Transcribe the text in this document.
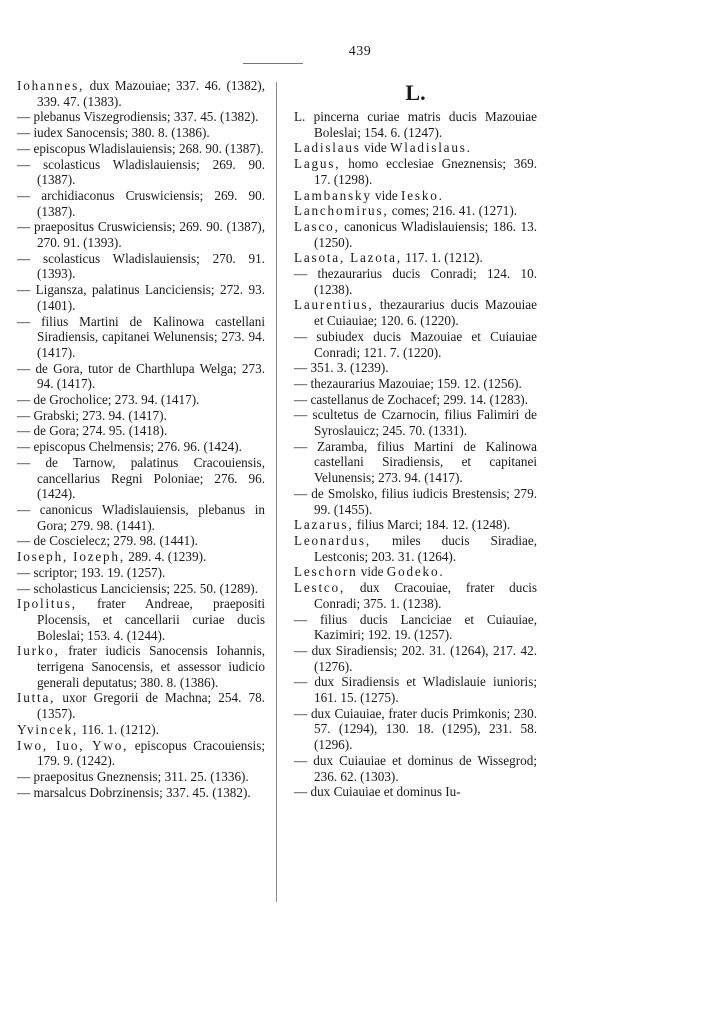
439
Iohannes, dux Mazouiae; 337. 46. (1382), 339. 47. (1383).
— plebanus Viszegrodiensis; 337. 45. (1382).
— iudex Sanocensis; 380. 8. (1386).
— episcopus Wladislauiensis; 268. 90. (1387).
— scolasticus Wladislauiensis; 269. 90. (1387).
— archidiaconus Cruswiciensis; 269. 90. (1387).
— praepositus Cruswiciensis; 269. 90. (1387), 270. 91. (1393).
— scolasticus Wladislauiensis; 270. 91. (1393).
— Ligansza, palatinus Lanciciensis; 272. 93. (1401).
— filius Martini de Kalinowa castellani Siradiensis, capitanei Welunensis; 273. 94. (1417).
— de Gora, tutor de Charthlupa Welga; 273. 94. (1417).
— de Grocholice; 273. 94. (1417).
— Grabski; 273. 94. (1417).
— de Gora; 274. 95. (1418).
— episcopus Chelmensis; 276. 96. (1424).
— de Tarnow, palatinus Cracouiensis, cancellarius Regni Poloniae; 276. 96. (1424).
— canonicus Wladislauiensis, plebanus in Gora; 279. 98. (1441).
— de Coscielecz; 279. 98. (1441).
Ioseph, Iozeph, 289. 4. (1239).
— scriptor; 193. 19. (1257).
— scholasticus Lanciciensis; 225. 50. (1289).
Ipolitus, frater Andreae, praepositi Plocensis, et cancellarii curiae ducis Boleslai; 153. 4. (1244).
Iurko, frater iudicis Sanocensis Iohannis, terrigena Sanocensis, et assessor iudicio generali deputatus; 380. 8. (1386).
Iutta, uxor Gregorii de Machna; 254. 78. (1357).
Yvincek, 116. 1. (1212).
Iwo, Iuo, Ywo, episcopus Cracouiensis; 179. 9. (1242).
— praepositus Gneznensis; 311. 25. (1336).
— marsalcus Dobrzinensis; 337. 45. (1382).
L.
L. pincerna curiae matris ducis Mazouiae Boleslai; 154. 6. (1247).
Ladislaus vide Wladislaus.
Lagus, homo ecclesiae Gneznensis; 369. 17. (1298).
Lambansky vide Iesko.
Lanchomirus, comes; 216. 41. (1271).
Lasco, canonicus Wladislauiensis; 186. 13. (1250).
Lasota, Lazota, 117. 1. (1212).
— thezaurarius ducis Conradi; 124. 10. (1238).
Laurentius, thezaurarius ducis Mazouiae et Cuiauiae; 120. 6. (1220).
— subiudex ducis Mazouiae et Cuiauiae Conradi; 121. 7. (1220).
— 351. 3. (1239).
— thezaurarius Mazouiae; 159. 12. (1256).
— castellanus de Zochacef; 299. 14. (1283).
— scultetus de Czarnocin, filius Falimiri de Syroslauicz; 245. 70. (1331).
— Zaramba, filius Martini de Kalinowa castellani Siradiensis, et capitanei Velunensis; 273. 94. (1417).
— de Smolsko, filius iudicis Brestensis; 279. 99. (1455).
Lazarus, filius Marci; 184. 12. (1248).
Leonardus, miles ducis Siradiae, Lestconis; 203. 31. (1264).
Leschorn vide Godeko.
Lestco, dux Cracouiae, frater ducis Conradi; 375. 1. (1238).
— filius ducis Lanciciae et Cuiauiae, Kazimiri; 192. 19. (1257).
— dux Siradiensis; 202. 31. (1264), 217. 42. (1276).
— dux Siradiensis et Wladislauie iunioris; 161. 15. (1275).
— dux Cuiauiae, frater ducis Primkonis; 230. 57. (1294), 130. 18. (1295), 231. 58. (1296).
— dux Cuiauiae et dominus de Wissegrod; 236. 62. (1303).
— dux Cuiauiae et dominus Iu-
